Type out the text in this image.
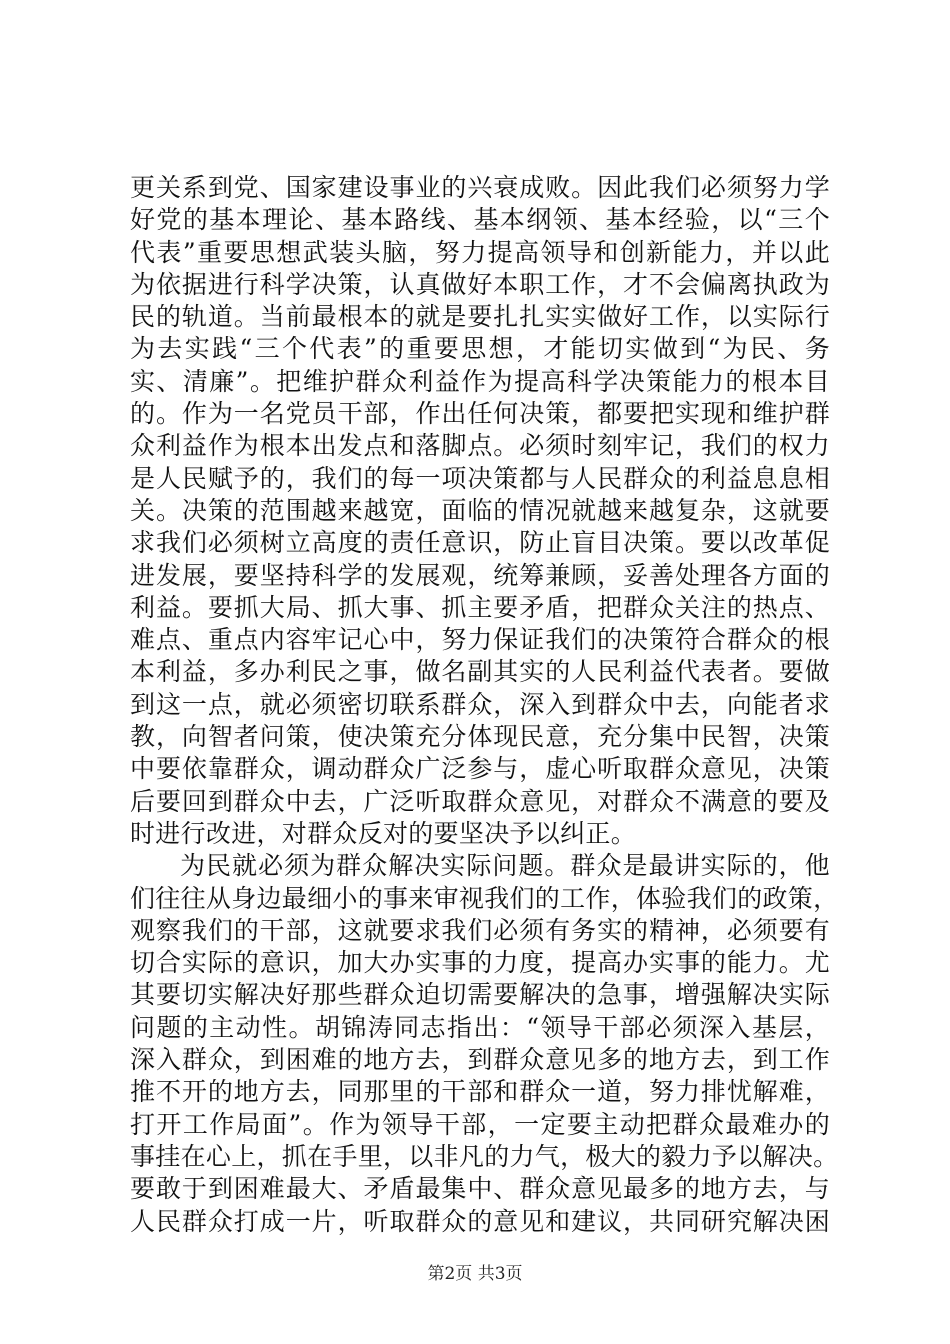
更关系到党、国家建设事业的兴衰成败。因此我们必须努力学
好党的基本理论、基本路线、基本纲领、基本经验，以“三个
代表”重要思想武装头脑，努力提高领导和创新能力，并以此
为依据进行科学决策，认真做好本职工作，才不会偏离执政为
民的轨道。当前最根本的就是要扎扎实实做好工作，以实际行
为去实践“三个代表”的重要思想，才能切实做到“为民、务
实、清廉”。把维护群众利益作为提高科学决策能力的根本目
的。作为一名党员干部，作出任何决策，都要把实现和维护群
众利益作为根本出发点和落脚点。必须时刻牢记，我们的权力
是人民赋予的，我们的每一项决策都与人民群众的利益息息相
关。决策的范围越来越宽，面临的情况就越来越复杂，这就要
求我们必须树立高度的责任意识，防止盲目决策。要以改革促
进发展，要坚持科学的发展观，统筹兼顾，妥善处理各方面的
利益。要抓大局、抓大事、抓主要矛盾，把群众关注的热点、
难点、重点内容牢记心中，努力保证我们的决策符合群众的根
本利益，多办利民之事，做名副其实的人民利益代表者。要做
到这一点，就必须密切联系群众，深入到群众中去，向能者求
教，向智者问策，使决策充分体现民意，充分集中民智，决策
中要依靠群众，调动群众广泛参与，虚心听取群众意见，决策
后要回到群众中去，广泛听取群众意见，对群众不满意的要及
时进行改进，对群众反对的要坚决予以纠正。
为民就必须为群众解决实际问题。群众是最讲实际的，他
们往往从身边最细小的事来审视我们的工作，体验我们的政策，
观察我们的干部，这就要求我们必须有务实的精神，必须要有
切合实际的意识，加大办实事的力度，提高办实事的能力。尤
其要切实解决好那些群众迫切需要解决的急事，增强解决实际
问题的主动性。胡锦涛同志指出：“领导干部必须深入基层，
深入群众，到困难的地方去，到群众意见多的地方去，到工作
推不开的地方去，同那里的干部和群众一道，努力排忧解难，
打开工作局面”。作为领导干部，一定要主动把群众最难办的
事挂在心上，抓在手里，以非凡的力气，极大的毅力予以解决。
要敢于到困难最大、矛盾最集中、群众意见最多的地方去，与
人民群众打成一片，听取群众的意见和建议，共同研究解决困
第2页 共3页
